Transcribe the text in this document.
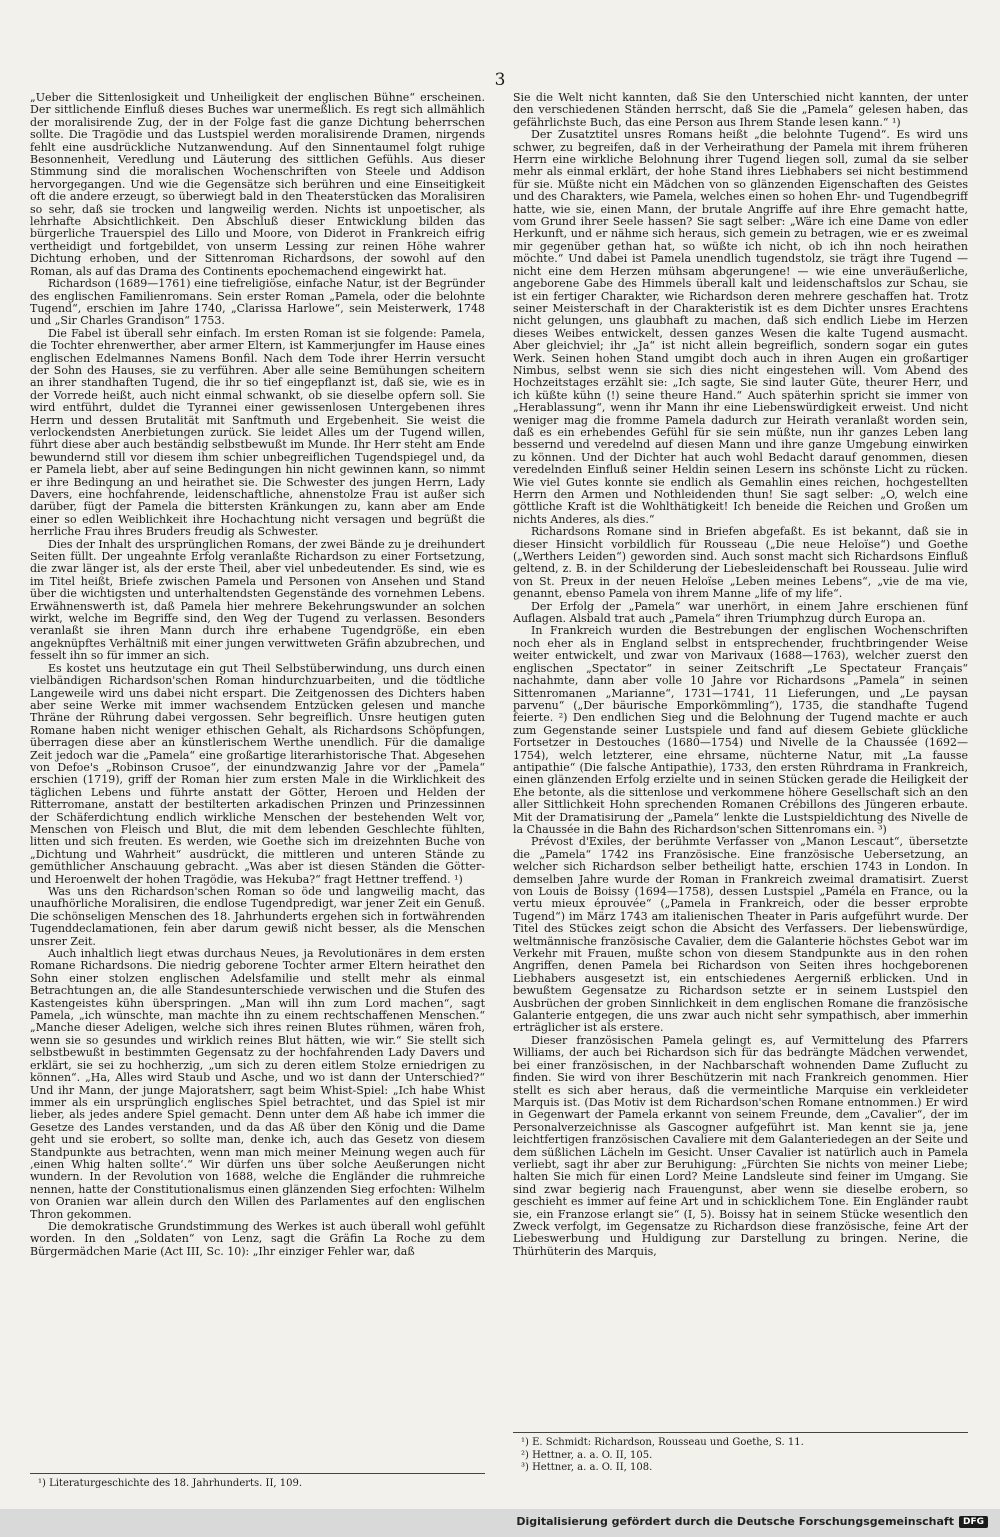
3

„Ueber die Sittenlosigkeit und Unheiligkeit der englischen Bühne“ erscheinen. Der sittlichende Einfluß dieses Buches war unermeßlich. Es regt sich allmählich der moralisirende Zug, der in der Folge fast die ganze Dichtung beherrschen sollte. Die Tragödie und das Lustspiel werden moralisirende Dramen, nirgends fehlt eine ausdrückliche Nutzanwendung. Auf den Sinnentaumel folgt ruhige Besonnenheit, Veredlung und Läuterung des sittlichen Gefühls. Aus dieser Stimmung sind die moralischen Wochenschriften von Steele und Addison hervorgegangen. Und wie die Gegensätze sich berühren und eine Einseitigkeit oft die andere erzeugt, so überwiegt bald in den Theaterstücken das Moralisiren so sehr, daß sie trocken und langweilig werden. Nichts ist unpoetischer, als lehrhafte Absichtlichkeit. Den Abschluß dieser Entwicklung bilden das bürgerliche Trauerspiel des Lillo und Moore, von Diderot in Frankreich eifrig vertheidigt und fortgebildet, von unserm Lessing zur reinen Höhe wahrer Dichtung erhoben, und der Sittenroman Richardsons, der sowohl auf den Roman, als auf das Drama des Continents epochemachend eingewirkt hat.

Richardson (1689—1761) eine tiefreligiöse, einfache Natur, ist der Begründer des englischen Familienromans. Sein erster Roman „Pamela, oder die belohnte Tugend“, erschien im Jahre 1740, „Clarissa Harlowe“, sein Meisterwerk, 1748 und „Sir Charles Grandison“ 1753.

Die Fabel ist überall sehr einfach. Im ersten Roman ist sie folgende: Pamela, die Tochter ehrenwerther, aber armer Eltern, ist Kammerjungfer im Hause eines englischen Edelmannes Namens Bonfil. Nach dem Tode ihrer Herrin versucht der Sohn des Hauses, sie zu verführen. Aber alle seine Bemühungen scheitern an ihrer standhaften Tugend, die ihr so tief eingepflanzt ist, daß sie, wie es in der Vorrede heißt, auch nicht einmal schwankt, ob sie dieselbe opfern soll. Sie wird entführt, duldet die Tyrannei einer gewissenlosen Untergebenen ihres Herrn und dessen Brutalität mit Sanftmuth und Ergebenheit. Sie weist die verlockendsten Anerbietungen zurück. Sie leidet Alles um der Tugend willen, führt diese aber auch beständig selbstbewußt im Munde. Ihr Herr steht am Ende bewundernd still vor diesem ihm schier unbegreiflichen Tugendspiegel und, da er Pamela liebt, aber auf seine Bedingungen hin nicht gewinnen kann, so nimmt er ihre Bedingung an und heirathet sie. Die Schwester des jungen Herrn, Lady Davers, eine hochfahrende, leidenschaftliche, ahnenstolze Frau ist außer sich darüber, fügt der Pamela die bittersten Kränkungen zu, kann aber am Ende einer so edlen Weiblichkeit ihre Hochachtung nicht versagen und begrüßt die herrliche Frau ihres Bruders freudig als Schwester.

Dies der Inhalt des ursprünglichen Romans, der zwei Bände zu je dreihundert Seiten füllt. Der ungeahnte Erfolg veranlaßte Richardson zu einer Fortsetzung, die zwar länger ist, als der erste Theil, aber viel unbedeutender. Es sind, wie es im Titel heißt, Briefe zwischen Pamela und Personen von Ansehen und Stand über die wichtigsten und unterhaltendsten Gegenstände des vornehmen Lebens. Erwähnenswerth ist, daß Pamela hier mehrere Bekehrungswunder an solchen wirkt, welche im Begriffe sind, den Weg der Tugend zu verlassen. Besonders veranlaßt sie ihren Mann durch ihre erhabene Tugendgröße, ein eben angeknüpftes Verhältniß mit einer jungen verwittweten Gräfin abzubrechen, und fesselt ihn so für immer an sich.

Es kostet uns heutzutage ein gut Theil Selbstüberwindung, uns durch einen vielbändigen Richardson'schen Roman hindurchzuarbeiten, und die tödtliche Langeweile wird uns dabei nicht erspart. Die Zeitgenossen des Dichters haben aber seine Werke mit immer wachsendem Entzücken gelesen und manche Thräne der Rührung dabei vergossen. Sehr begreiflich. Unsre heutigen guten Romane haben nicht weniger ethischen Gehalt, als Richardsons Schöpfungen, überragen diese aber an künstlerischem Werthe unendlich. Für die damalige Zeit jedoch war die „Pamela“ eine großartige literarhistorische That. Abgesehen von Defoe's „Robinson Crusoe“, der einundzwanzig Jahre vor der „Pamela“ erschien (1719), griff der Roman hier zum ersten Male in die Wirklichkeit des täglichen Lebens und führte anstatt der Götter, Heroen und Helden der Ritterromane, anstatt der bestilterten arkadischen Prinzen und Prinzessinnen der Schäferdichtung endlich wirkliche Menschen der bestehenden Welt vor, Menschen von Fleisch und Blut, die mit dem lebenden Geschlechte fühlten, litten und sich freuten. Es werden, wie Goethe sich im dreizehnten Buche von „Dichtung und Wahrheit“ ausdrückt, die mittleren und unteren Stände zu gemüthlicher Anschauung gebracht. „Was aber ist diesen Ständen die Götter- und Heroenwelt der hohen Tragödie, was Hekuba?“ fragt Hettner treffend. ¹)

Was uns den Richardson'schen Roman so öde und langweilig macht, das unaufhörliche Moralisiren, die endlose Tugendpredigt, war jener Zeit ein Genuß. Die schönseligen Menschen des 18. Jahrhunderts ergehen sich in fortwährenden Tugenddeclamationen, fein aber darum gewiß nicht besser, als die Menschen unsrer Zeit.

Auch inhaltlich liegt etwas durchaus Neues, ja Revolutionäres in dem ersten Romane Richardsons. Die niedrig geborene Tochter armer Eltern heirathet den Sohn einer stolzen englischen Adelsfamilie und stellt mehr als einmal Betrachtungen an, die alle Standesunterschiede verwischen und die Stufen des Kastengeistes kühn überspringen. „Man will ihn zum Lord machen“, sagt Pamela, „ich wünschte, man machte ihn zu einem rechtschaffenen Menschen.“ „Manche dieser Adeligen, welche sich ihres reinen Blutes rühmen, wären froh, wenn sie so gesundes und wirklich reines Blut hätten, wie wir.“ Sie stellt sich selbstbewußt in bestimmten Gegensatz zu der hochfahrenden Lady Davers und erklärt, sie sei zu hochherzig, „um sich zu deren eitlem Stolze erniedrigen zu können“. „Ha, Alles wird Staub und Asche, und wo ist dann der Unterschied?“ Und ihr Mann, der junge Majoratsherr, sagt beim Whist-Spiel: „Ich habe Whist immer als ein ursprünglich englisches Spiel betrachtet, und das Spiel ist mir lieber, als jedes andere Spiel gemacht. Denn unter dem Aß habe ich immer die Gesetze des Landes verstanden, und da das Aß über den König und die Dame geht und sie erobert, so sollte man, denke ich, auch das Gesetz von diesem Standpunkte aus betrachten, wenn man mich meiner Meinung wegen auch für ‚einen Whig halten sollte‘.“ Wir dürfen uns über solche Aeußerungen nicht wundern. In der Revolution von 1688, welche die Engländer die ruhmreiche nennen, hatte der Constitutionalismus einen glänzenden Sieg erfochten: Wilhelm von Oranien war allein durch den Willen des Parlamentes auf den englischen Thron gekommen.

Die demokratische Grundstimmung des Werkes ist auch überall wohl gefühlt worden. In den „Soldaten“ von Lenz, sagt die Gräfin La Roche zu dem Bürgermädchen Marie (Act III, Sc. 10): „Ihr einziger Fehler war, daß

Sie die Welt nicht kannten, daß Sie den Unterschied nicht kannten, der unter den verschiedenen Ständen herrscht, daß Sie die „Pamela“ gelesen haben, das gefährlichste Buch, das eine Person aus Ihrem Stande lesen kann.“ ¹)

Der Zusatztitel unsres Romans heißt „die belohnte Tugend“. Es wird uns schwer, zu begreifen, daß in der Verheirathung der Pamela mit ihrem früheren Herrn eine wirkliche Belohnung ihrer Tugend liegen soll, zumal da sie selber mehr als einmal erklärt, der hohe Stand ihres Liebhabers sei nicht bestimmend für sie. Müßte nicht ein Mädchen von so glänzenden Eigenschaften des Geistes und des Charakters, wie Pamela, welches einen so hohen Ehr- und Tugendbegriff hatte, wie sie, einen Mann, der brutale Angriffe auf ihre Ehre gemacht hatte, vom Grund ihrer Seele hassen? Sie sagt selber: „Wäre ich eine Dame von edler Herkunft, und er nähme sich heraus, sich gemein zu betragen, wie er es zweimal mir gegenüber gethan hat, so wüßte ich nicht, ob ich ihn noch heirathen möchte.“ Und dabei ist Pamela unendlich tugendstolz, sie trägt ihre Tugend — nicht eine dem Herzen mühsam abgerungene! — wie eine unveräußerliche, angeborene Gabe des Himmels überall kalt und leidenschaftslos zur Schau, sie ist ein fertiger Charakter, wie Richardson deren mehrere geschaffen hat. Trotz seiner Meisterschaft in der Charakteristik ist es dem Dichter unsres Erachtens nicht gelungen, uns glaubhaft zu machen, daß sich endlich Liebe im Herzen dieses Weibes entwickelt, dessen ganzes Wesen die kalte Tugend ausmacht. Aber gleichviel; ihr „Ja“ ist nicht allein begreiflich, sondern sogar ein gutes Werk. Seinen hohen Stand umgibt doch auch in ihren Augen ein großartiger Nimbus, selbst wenn sie sich dies nicht eingestehen will. Vom Abend des Hochzeitstages erzählt sie: „Ich sagte, Sie sind lauter Güte, theurer Herr, und ich küßte kühn (!) seine theure Hand.“ Auch späterhin spricht sie immer von „Herablassung“, wenn ihr Mann ihr eine Liebenswürdigkeit erweist. Und nicht weniger mag die fromme Pamela dadurch zur Heirath veranlaßt worden sein, daß es ein erhebendes Gefühl für sie sein müßte, nun ihr ganzes Leben lang bessernd und veredelnd auf diesen Mann und ihre ganze Umgebung einwirken zu können. Und der Dichter hat auch wohl Bedacht darauf genommen, diesen veredelnden Einfluß seiner Heldin seinen Lesern ins schönste Licht zu rücken. Wie viel Gutes konnte sie endlich als Gemahlin eines reichen, hochgestellten Herrn den Armen und Nothleidenden thun! Sie sagt selber: „O, welch eine göttliche Kraft ist die Wohlthätigkeit! Ich beneide die Reichen und Großen um nichts Anderes, als dies.“

Richardsons Romane sind in Briefen abgefaßt. Es ist bekannt, daß sie in dieser Hinsicht vorbildlich für Rousseau („Die neue Heloïse“) und Goethe („Werthers Leiden“) geworden sind. Auch sonst macht sich Richardsons Einfluß geltend, z. B. in der Schilderung der Liebesleidenschaft bei Rousseau. Julie wird von St. Preux in der neuen Heloïse „Leben meines Lebens“, „vie de ma vie, genannt, ebenso Pamela von ihrem Manne „life of my life“.

Der Erfolg der „Pamela“ war unerhört, in einem Jahre erschienen fünf Auflagen. Alsbald trat auch „Pamela“ ihren Triumphzug durch Europa an.

In Frankreich wurden die Bestrebungen der englischen Wochenschriften noch eher als in England selbst in entsprechender, fruchtbringender Weise weiter entwickelt, und zwar von Marivaux (1688—1763), welcher zuerst den englischen „Spectator“ in seiner Zeitschrift „Le Spectateur Français“ nachahmte, dann aber volle 10 Jahre vor Richardsons „Pamela“ in seinen Sittenromanen „Marianne“, 1731—1741, 11 Lieferungen, und „Le paysan parvenu“ („Der bäurische Emporkömmling“), 1735, die standhafte Tugend feierte. ²) Den endlichen Sieg und die Belohnung der Tugend machte er auch zum Gegenstande seiner Lustspiele und fand auf diesem Gebiete glückliche Fortsetzer in Destouches (1680—1754) und Nivelle de la Chaussée (1692—1754), welch letzterer, eine ehrsame, nüchterne Natur, mit „La fausse antipathie“ (Die falsche Antipathie), 1733, den ersten Rührdrama in Frankreich, einen glänzenden Erfolg erzielte und in seinen Stücken gerade die Heiligkeit der Ehe betonte, als die sittenlose und verkommene höhere Gesellschaft sich an den aller Sittlichkeit Hohn sprechenden Romanen Crébillons des Jüngeren erbaute. Mit der Dramatisirung der „Pamela“ lenkte die Lustspieldichtung des Nivelle de la Chaussée in die Bahn des Richardson'schen Sittenromans ein. ³)

Prévost d'Exiles, der berühmte Verfasser von „Manon Lescaut“, übersetzte die „Pamela“ 1742 ins Französische. Eine französische Uebersetzung, an welcher sich Richardson selber betheiligt hatte, erschien 1743 in London. In demselben Jahre wurde der Roman in Frankreich zweimal dramatisirt. Zuerst von Louis de Boissy (1694—1758), dessen Lustspiel „Paméla en France, ou la vertu mieux éprouvée“ („Pamela in Frankreich, oder die besser erprobte Tugend“) im März 1743 am italienischen Theater in Paris aufgeführt wurde. Der Titel des Stückes zeigt schon die Absicht des Verfassers. Der liebenswürdige, weltmännische französische Cavalier, dem die Galanterie höchstes Gebot war im Verkehr mit Frauen, mußte schon von diesem Standpunkte aus in den rohen Angriffen, denen Pamela bei Richardson von Seiten ihres hochgeborenen Liebhabers ausgesetzt ist, ein entschiedenes Aergerniß erblicken. Und in bewußtem Gegensatze zu Richardson setzte er in seinem Lustspiel den Ausbrüchen der groben Sinnlichkeit in dem englischen Romane die französische Galanterie entgegen, die uns zwar auch nicht sehr sympathisch, aber immerhin erträglicher ist als erstere.

Dieser französischen Pamela gelingt es, auf Vermittelung des Pfarrers Williams, der auch bei Richardson sich für das bedrängte Mädchen verwendet, bei einer französischen, in der Nachbarschaft wohnenden Dame Zuflucht zu finden. Sie wird von ihrer Beschützerin mit nach Frankreich genommen. Hier stellt es sich aber heraus, daß die vermeintliche Marquise ein verkleideter Marquis ist. (Das Motiv ist dem Richardson'schen Romane entnommen.) Er wird in Gegenwart der Pamela erkannt von seinem Freunde, dem „Cavalier“, der im Personalverzeichnisse als Gascogner aufgeführt ist. Man kennt sie ja, jene leichtfertigen französischen Cavaliere mit dem Galanteriedegen an der Seite und dem süßlichen Lächeln im Gesicht. Unser Cavalier ist natürlich auch in Pamela verliebt, sagt ihr aber zur Beruhigung: „Fürchten Sie nichts von meiner Liebe; halten Sie mich für einen Lord? Meine Landsleute sind feiner im Umgang. Sie sind zwar begierig nach Frauengunst, aber wenn sie dieselbe erobern, so geschieht es immer auf feine Art und in schicklichem Tone. Ein Engländer raubt sie, ein Franzose erlangt sie“ (I, 5). Boissy hat in seinem Stücke wesentlich den Zweck verfolgt, im Gegensatze zu Richardson diese französische, feine Art der Liebeswerbung und Huldigung zur Darstellung zu bringen. Nerine, die Thürhüterin des Marquis,

¹) Literaturgeschichte des 18. Jahrhunderts. II, 109.
¹) E. Schmidt: Richardson, Rousseau und Goethe, S. 11.
²) Hettner, a. a. O. II, 105.
³) Hettner, a. a. O. II, 108.
Digitalisierung gefördert durch die Deutsche Forschungsgemeinschaft	DFG
